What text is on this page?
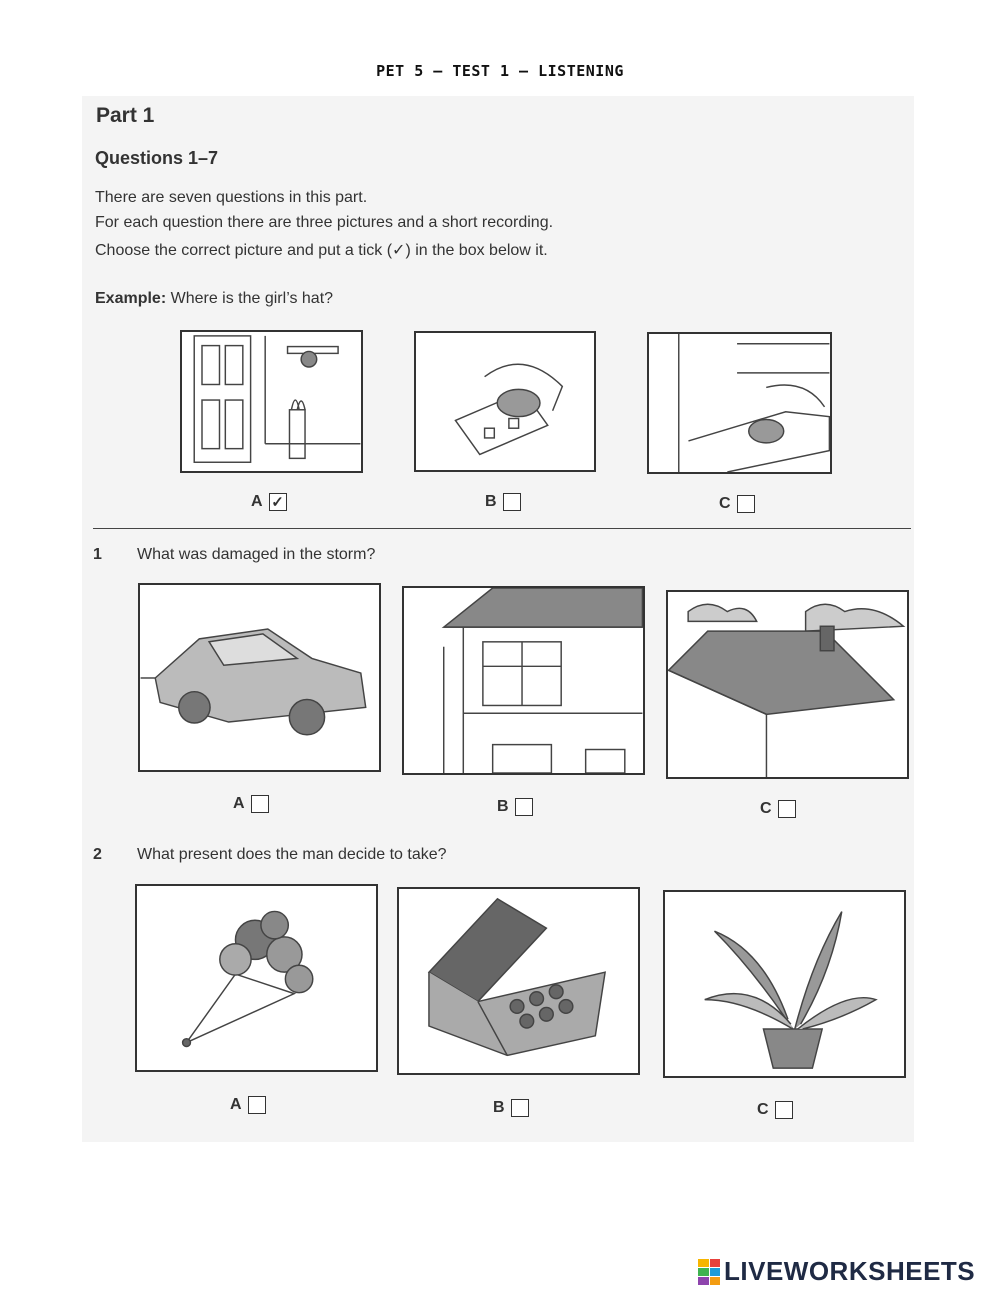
PET 5 – TEST 1 – LISTENING
Part 1
Questions 1–7
There are seven questions in this part.
For each question there are three pictures and a short recording.
Choose the correct picture and put a tick (✓) in the box below it.
Example: Where is the girl’s hat?
A ✓	B	C
1 What was damaged in the storm?
A	B	C
2 What present does the man decide to take?
A	B	C
LIVEWORKSHEETS
